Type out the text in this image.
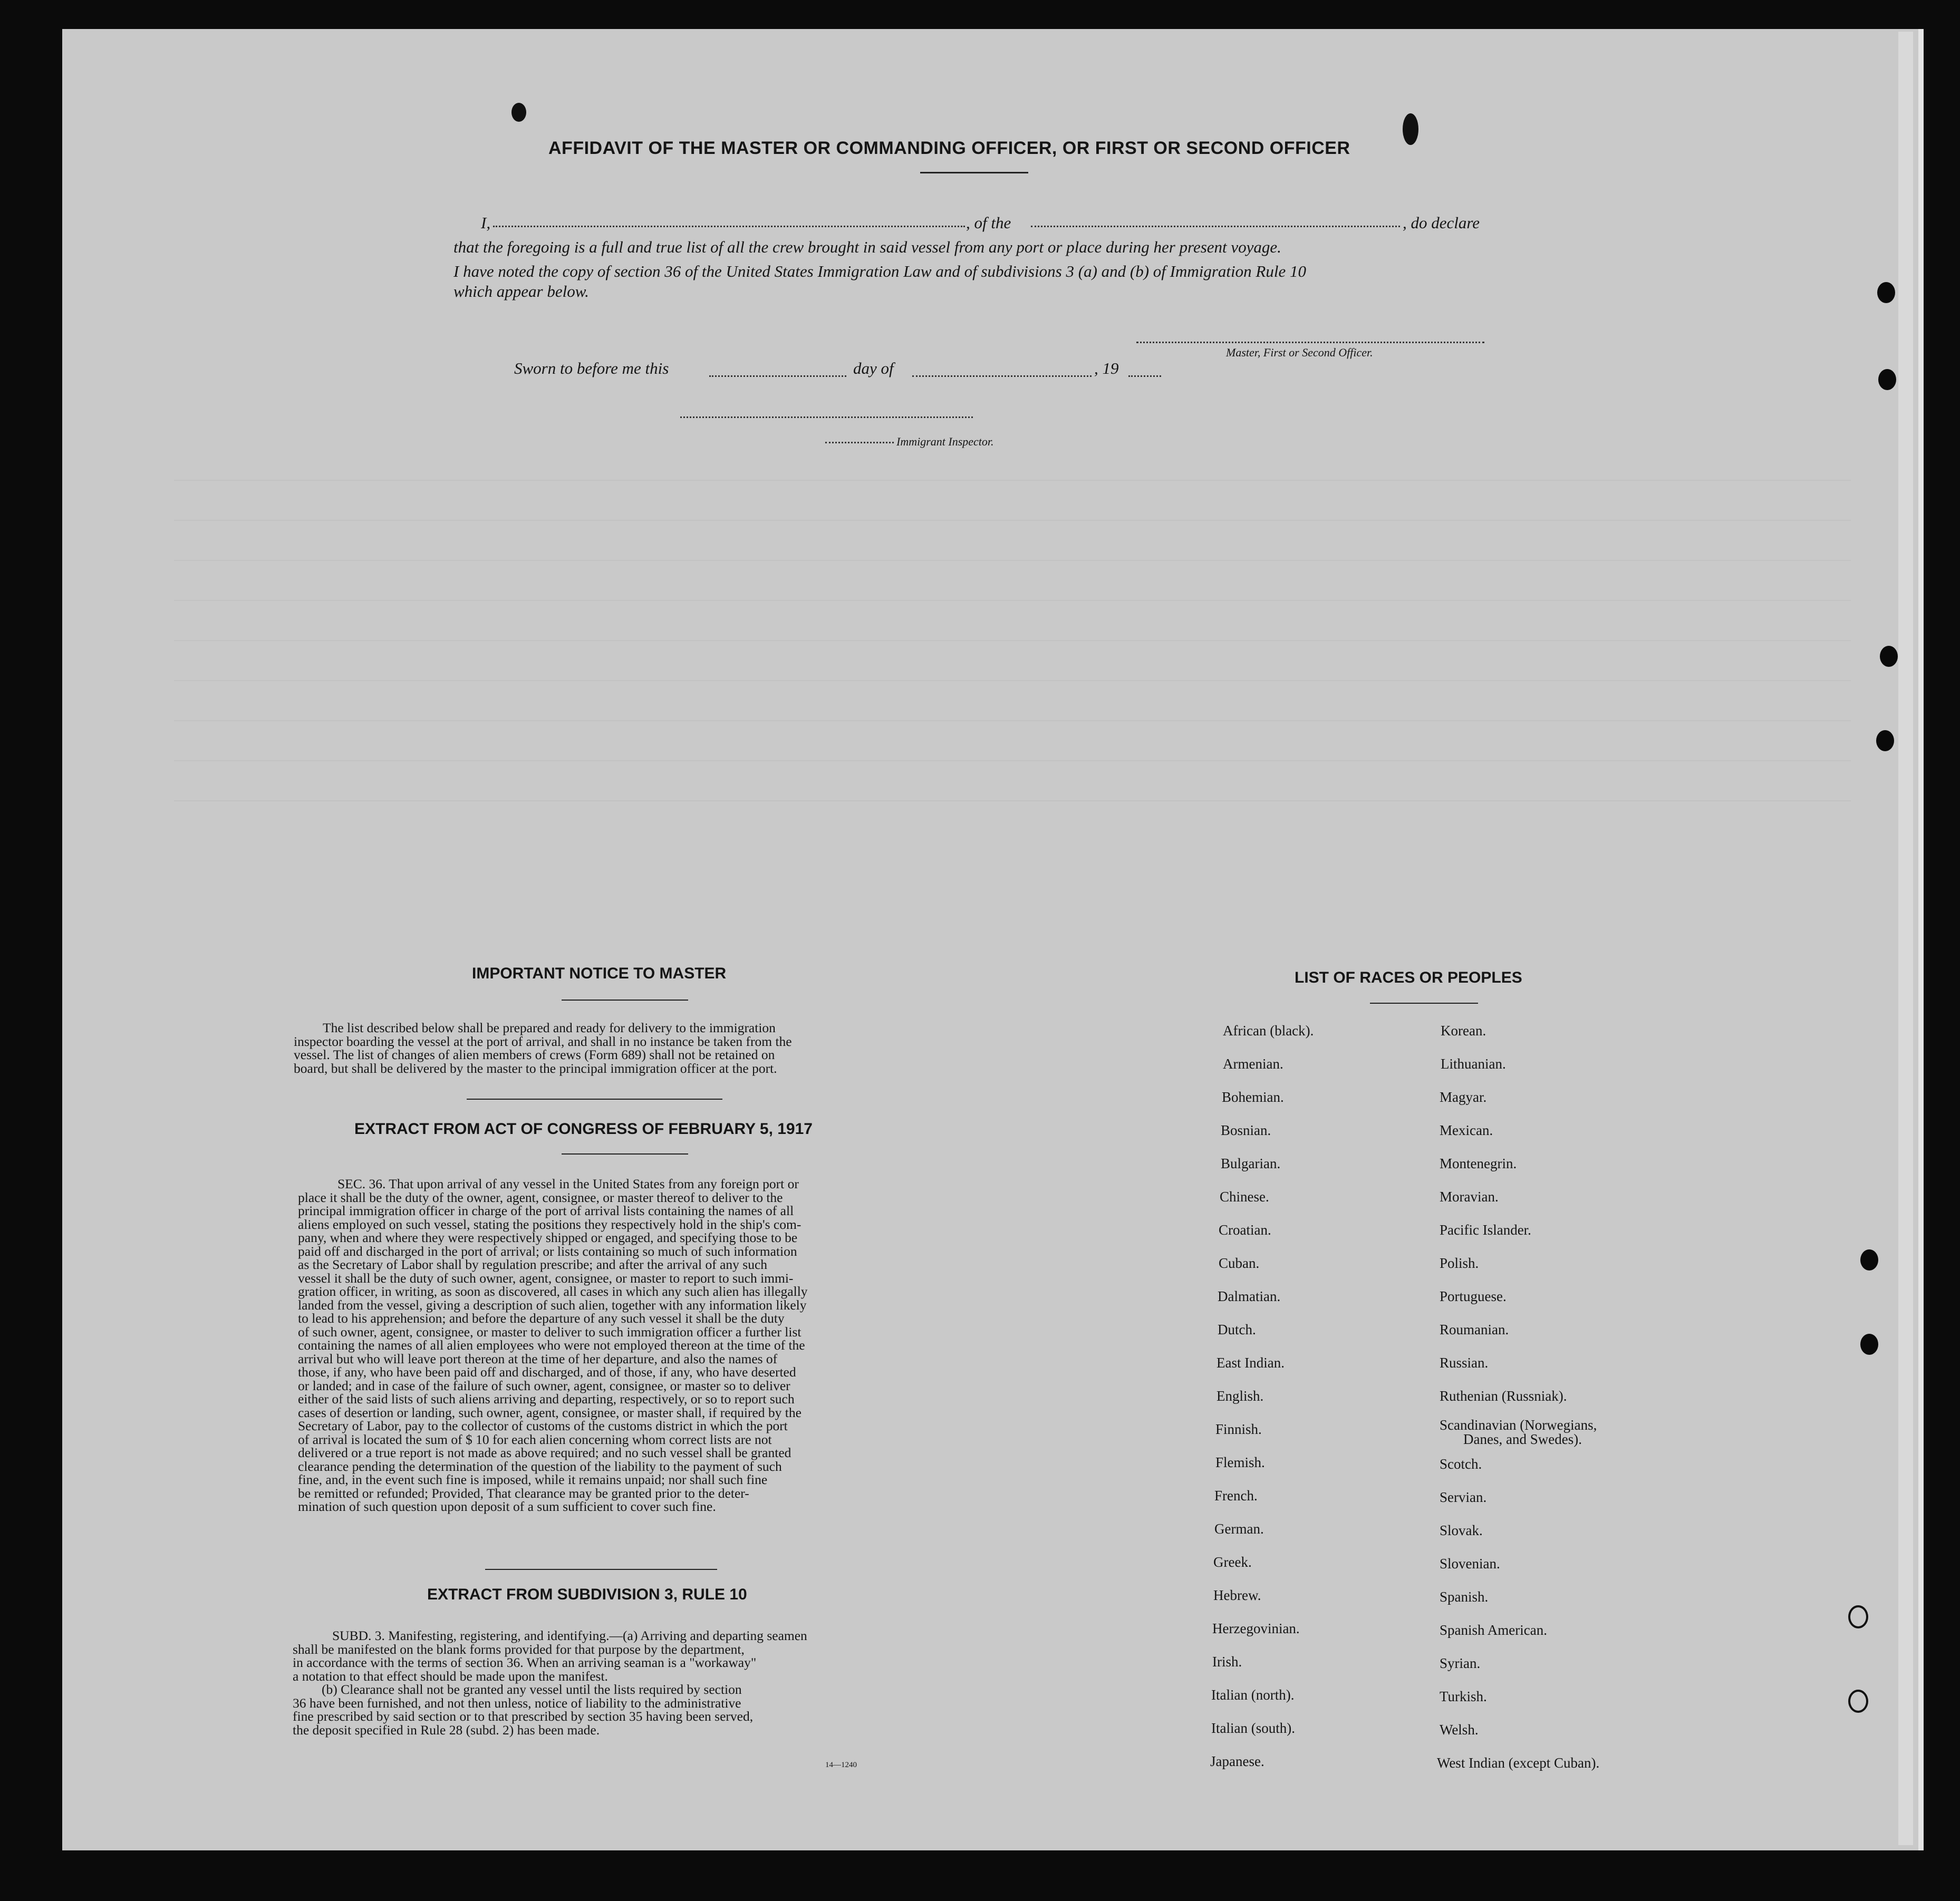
AFFIDAVIT OF THE MASTER OR COMMANDING OFFICER, OR FIRST OR SECOND OFFICER
I,	, of the	, do declare
that the foregoing is a full and true list of all the crew brought in said vessel from any port or place during her present voyage.
I have noted the copy of section 36 of the United States Immigration Law and of subdivisions 3 (a) and (b) of Immigration Rule 10
which appear below.
Master, First or Second Officer.
Sworn to before me this	day of	, 19
Immigrant Inspector.
IMPORTANT NOTICE TO MASTER
The list described below shall be prepared and ready for delivery to the immigration
inspector boarding the vessel at the port of arrival, and shall in no instance be taken from the
vessel. The list of changes of alien members of crews (Form 689) shall not be retained on
board, but shall be delivered by the master to the principal immigration officer at the port.
EXTRACT FROM ACT OF CONGRESS OF FEBRUARY 5, 1917
SEC. 36. That upon arrival of any vessel in the United States from any foreign port or
place it shall be the duty of the owner, agent, consignee, or master thereof to deliver to the
principal immigration officer in charge of the port of arrival lists containing the names of all
aliens employed on such vessel, stating the positions they respectively hold in the ship's com-
pany, when and where they were respectively shipped or engaged, and specifying those to be
paid off and discharged in the port of arrival; or lists containing so much of such information
as the Secretary of Labor shall by regulation prescribe; and after the arrival of any such
vessel it shall be the duty of such owner, agent, consignee, or master to report to such immi-
gration officer, in writing, as soon as discovered, all cases in which any such alien has illegally
landed from the vessel, giving a description of such alien, together with any information likely
to lead to his apprehension; and before the departure of any such vessel it shall be the duty
of such owner, agent, consignee, or master to deliver to such immigration officer a further list
containing the names of all alien employees who were not employed thereon at the time of the
arrival but who will leave port thereon at the time of her departure, and also the names of
those, if any, who have been paid off and discharged, and of those, if any, who have deserted
or landed; and in case of the failure of such owner, agent, consignee, or master so to deliver
either of the said lists of such aliens arriving and departing, respectively, or so to report such
cases of desertion or landing, such owner, agent, consignee, or master shall, if required by the
Secretary of Labor, pay to the collector of customs of the customs district in which the port
of arrival is located the sum of $ 10 for each alien concerning whom correct lists are not
delivered or a true report is not made as above required; and no such vessel shall be granted
clearance pending the determination of the question of the liability to the payment of such
fine, and, in the event such fine is imposed, while it remains unpaid; nor shall such fine
be remitted or refunded; Provided, That clearance may be granted prior to the deter-
mination of such question upon deposit of a sum sufficient to cover such fine.
EXTRACT FROM SUBDIVISION 3, RULE 10
SUBD. 3. Manifesting, registering, and identifying.—(a) Arriving and departing seamen
shall be manifested on the blank forms provided for that purpose by the department,
in accordance with the terms of section 36. When an arriving seaman is a "workaway"
a notation to that effect should be made upon the manifest.
(b) Clearance shall not be granted any vessel until the lists required by section
36 have been furnished, and not then unless, notice of liability to the administrative
fine prescribed by said section or to that prescribed by section 35 having been served,
the deposit specified in Rule 28 (subd. 2) has been made.
14—1240
LIST OF RACES OR PEOPLES
African (black).
Armenian.
Bohemian.
Bosnian.
Bulgarian.
Chinese.
Croatian.
Cuban.
Dalmatian.
Dutch.
East Indian.
English.
Finnish.
Flemish.
French.
German.
Greek.
Hebrew.
Herzegovinian.
Irish.
Italian (north).
Italian (south).
Japanese.
Korean.
Lithuanian.
Magyar.
Mexican.
Montenegrin.
Moravian.
Pacific Islander.
Polish.
Portuguese.
Roumanian.
Russian.
Ruthenian (Russniak).
Scandinavian (Norwegians,
Danes, and Swedes).
Scotch.
Servian.
Slovak.
Slovenian.
Spanish.
Spanish American.
Syrian.
Turkish.
Welsh.
West Indian (except Cuban).
